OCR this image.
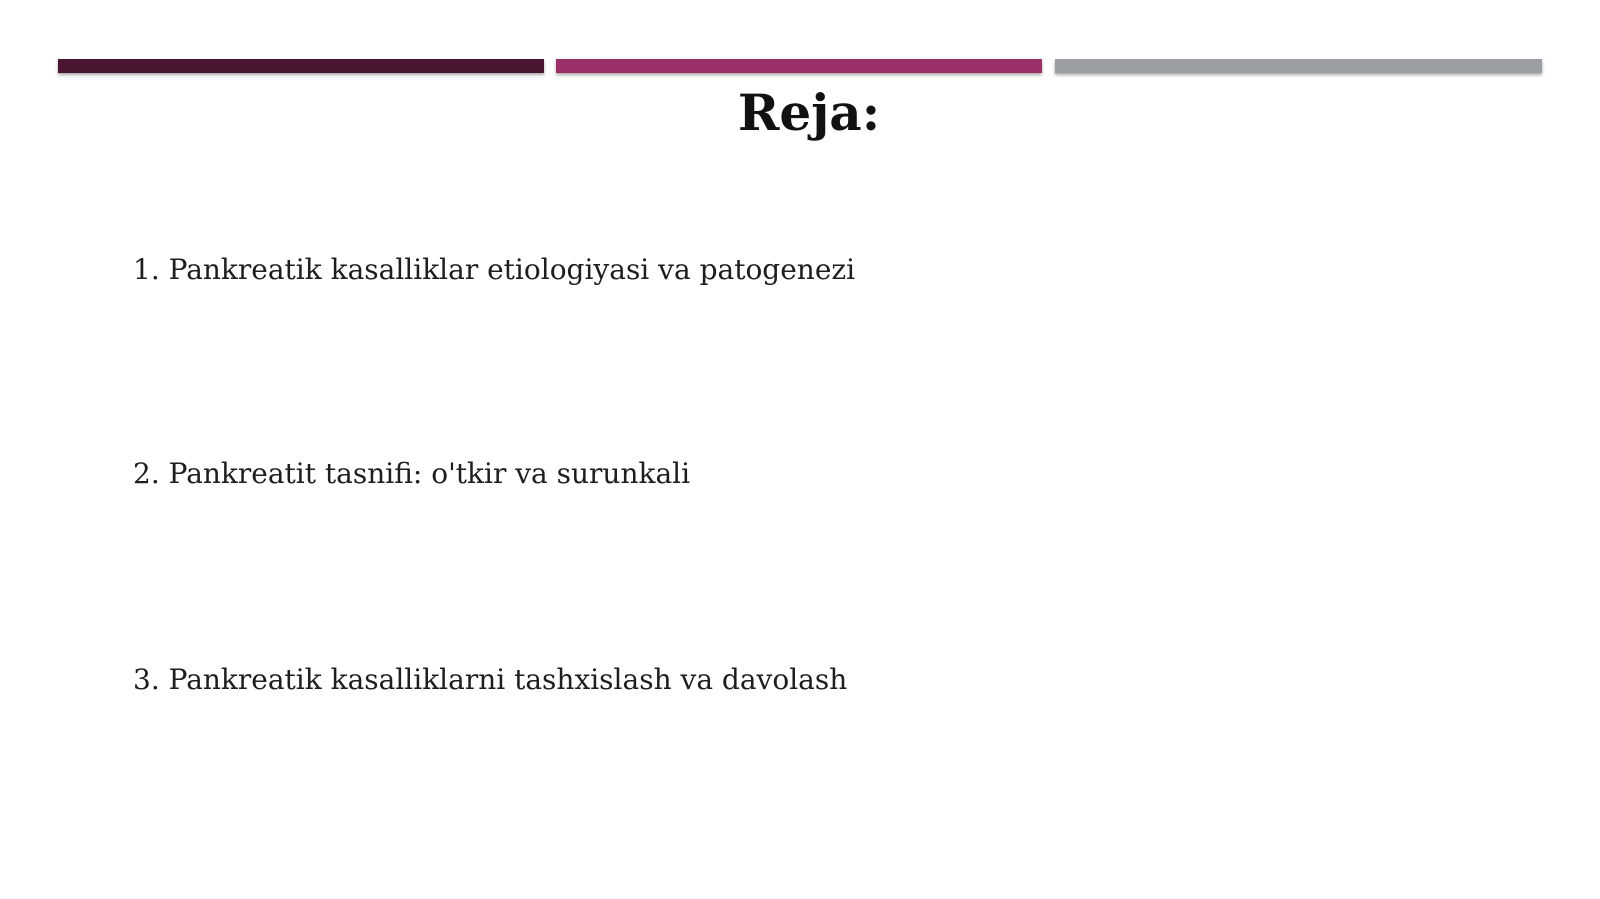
Reja:
1. Pankreatik kasalliklar etiologiyasi va patogenezi
2. Pankreatit tasnifi: o'tkir va surunkali
3. Pankreatik kasalliklarni tashxislash va davolash
